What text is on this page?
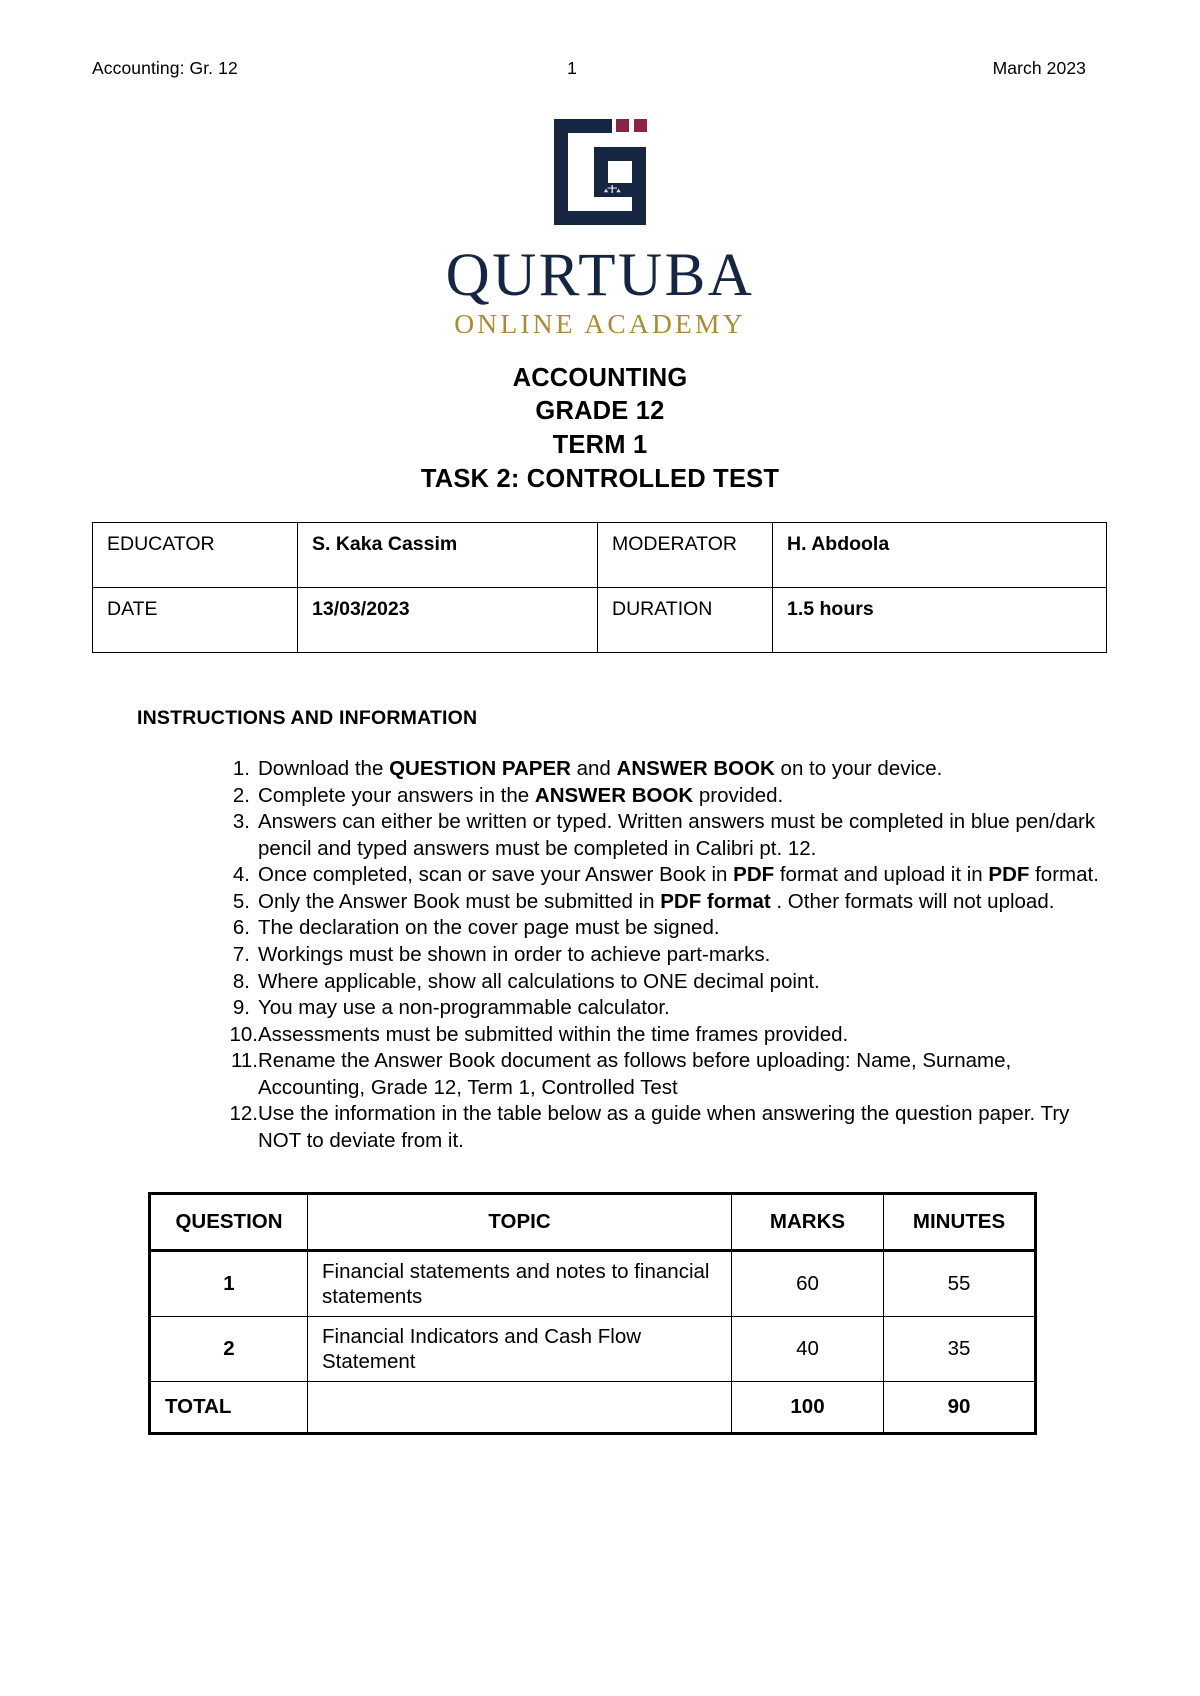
Accounting: Gr. 12	1	March 2023
QURTUBA
ONLINE ACADEMY
ACCOUNTING
GRADE 12
TERM 1
TASK 2: CONTROLLED TEST
EDUCATOR	S. Kaka Cassim	MODERATOR	H. Abdoola
DATE	13/03/2023	DURATION	1.5 hours
INSTRUCTIONS AND INFORMATION
Download the QUESTION PAPER and ANSWER BOOK on to your device.
Complete your answers in the ANSWER BOOK provided.
Answers can either be written or typed. Written answers must be completed in blue pen/dark pencil and typed answers must be completed in Calibri pt. 12.
Once completed, scan or save your Answer Book in PDF format and upload it in PDF format.
Only the Answer Book must be submitted in PDF format . Other formats will not upload.
The declaration on the cover page must be signed.
Workings must be shown in order to achieve part-marks.
Where applicable, show all calculations to ONE decimal point.
You may use a non-programmable calculator.
Assessments must be submitted within the time frames provided.
Rename the Answer Book document as follows before uploading: Name, Surname, Accounting, Grade 12, Term 1, Controlled Test
Use the information in the table below as a guide when answering the question paper. Try NOT to deviate from it.
QUESTION	TOPIC	MARKS	MINUTES
1	Financial statements and notes to financial statements	60	55
2	Financial Indicators and Cash Flow Statement	40	35
TOTAL		100	90
